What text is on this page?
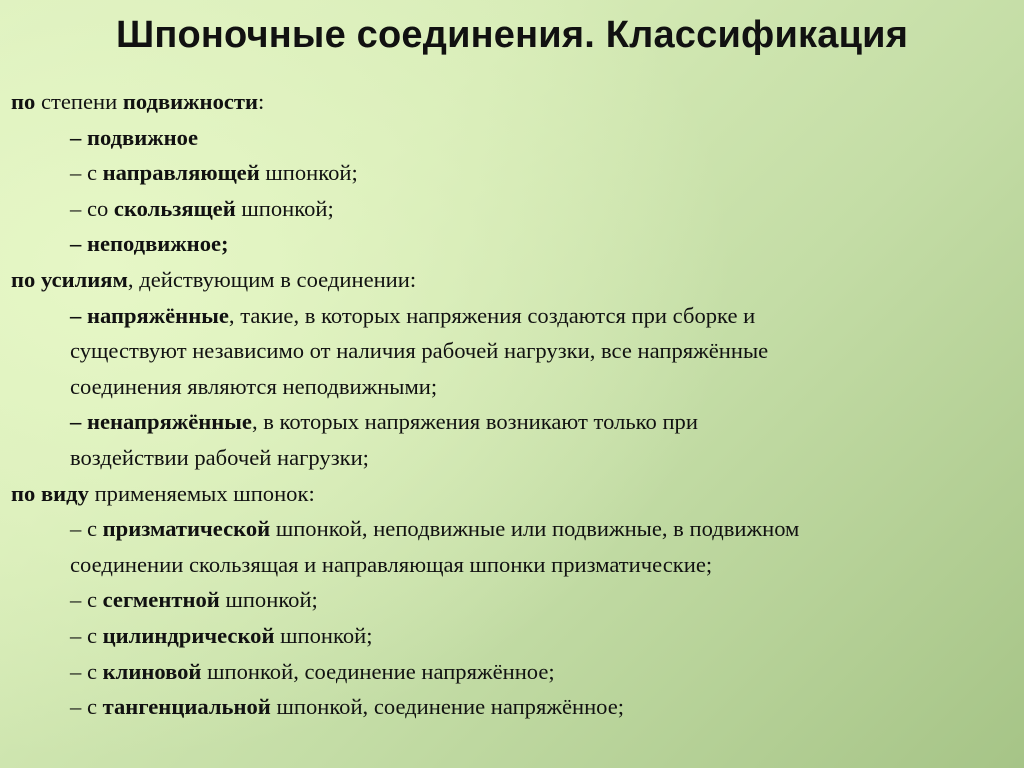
Шпоночные соединения. Классификация
по степени подвижности:
– подвижное
– с направляющей шпонкой;
– со скользящей шпонкой;
– неподвижное;
по усилиям, действующим в соединении:
– напряжённые, такие, в которых напряжения создаются при сборке и
существуют независимо от наличия рабочей нагрузки, все напряжённые
соединения являются неподвижными;
– ненапряжённые, в которых напряжения возникают только при
воздействии рабочей нагрузки;
по виду применяемых шпонок:
– с призматической шпонкой, неподвижные или подвижные, в подвижном
соединении скользящая и направляющая шпонки призматические;
– с сегментной шпонкой;
– с цилиндрической шпонкой;
– с клиновой шпонкой, соединение напряжённое;
– с тангенциальной шпонкой, соединение напряжённое;
